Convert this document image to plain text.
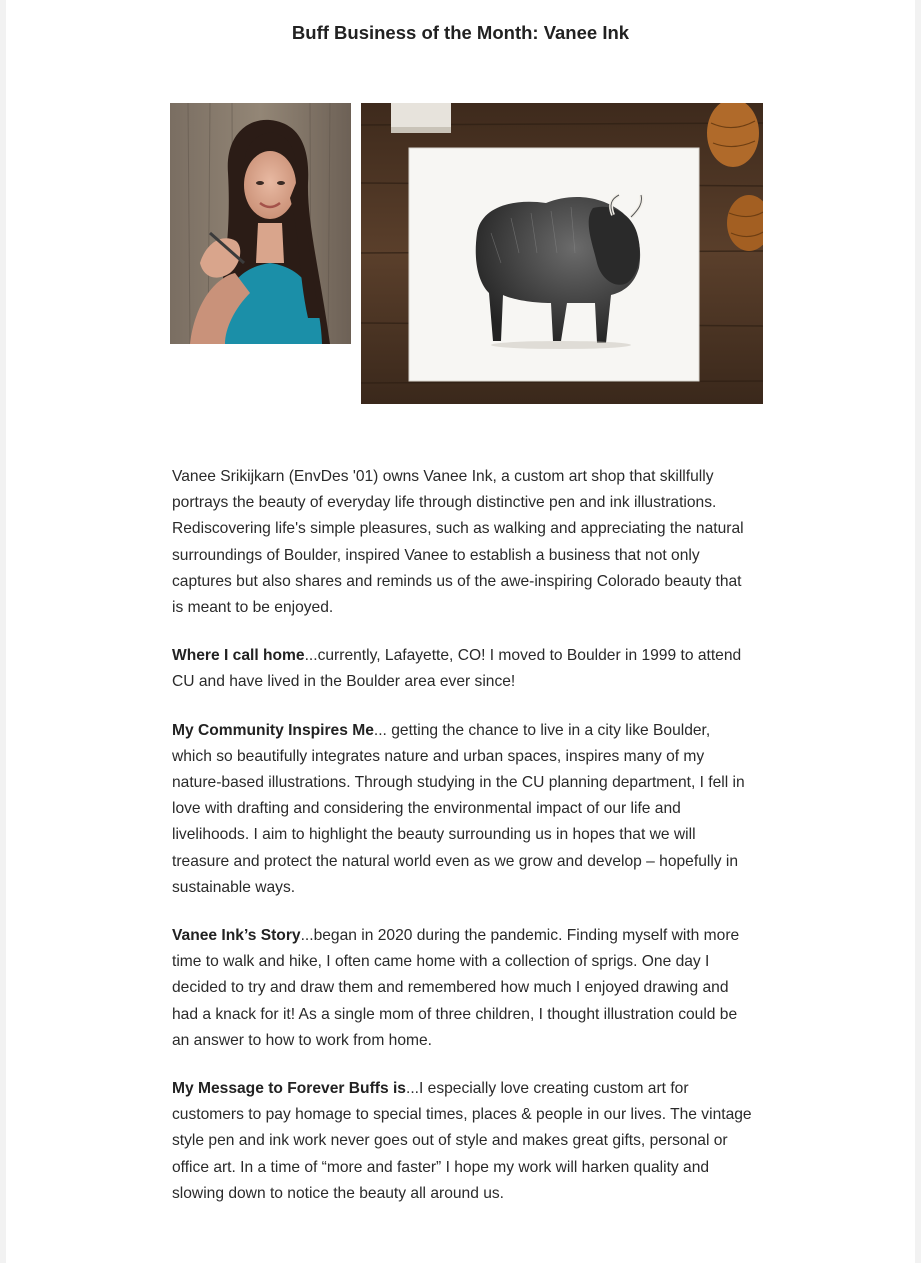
Buff Business of the Month: Vanee Ink

Vanee Srikijkarn (EnvDes '01) owns Vanee Ink, a custom art shop that skillfully portrays the beauty of everyday life through distinctive pen and ink illustrations. Rediscovering life's simple pleasures, such as walking and appreciating the natural surroundings of Boulder, inspired Vanee to establish a business that not only captures but also shares and reminds us of the awe-inspiring Colorado beauty that is meant to be enjoyed.

Where I call home...currently, Lafayette, CO! I moved to Boulder in 1999 to attend CU and have lived in the Boulder area ever since!

My Community Inspires Me... getting the chance to live in a city like Boulder, which so beautifully integrates nature and urban spaces, inspires many of my nature-based illustrations. Through studying in the CU planning department, I fell in love with drafting and considering the environmental impact of our life and livelihoods. I aim to highlight the beauty surrounding us in hopes that we will treasure and protect the natural world even as we grow and develop – hopefully in sustainable ways.

Vanee Ink’s Story...began in 2020 during the pandemic. Finding myself with more time to walk and hike, I often came home with a collection of sprigs. One day I decided to try and draw them and remembered how much I enjoyed drawing and had a knack for it! As a single mom of three children, I thought illustration could be an answer to how to work from home.

My Message to Forever Buffs is...I especially love creating custom art for customers to pay homage to special times, places & people in our lives. The vintage style pen and ink work never goes out of style and makes great gifts, personal or office art. In a time of “more and faster” I hope my work will harken quality and slowing down to notice the beauty all around us.
